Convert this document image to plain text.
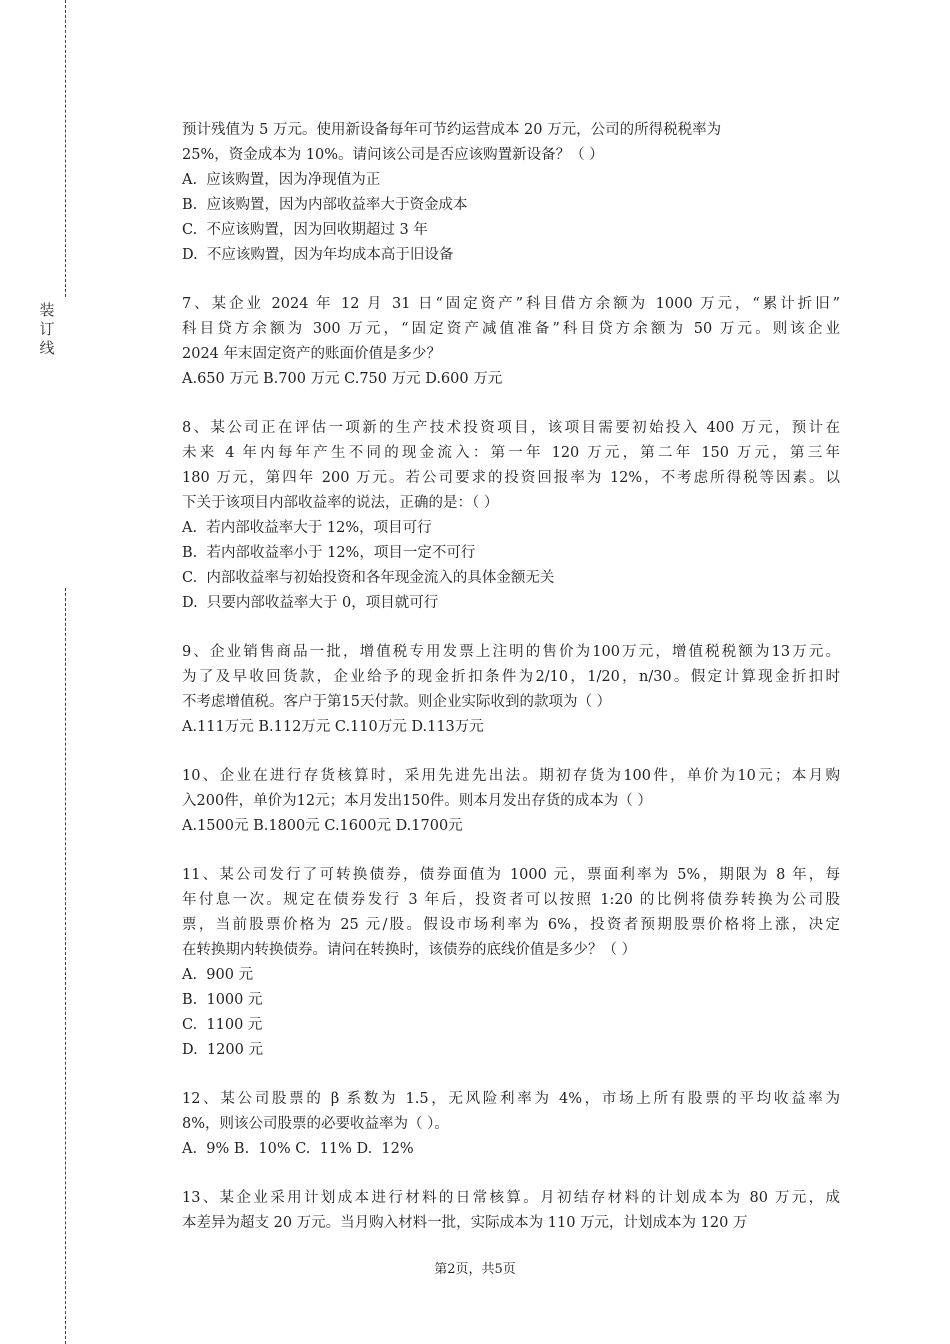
装
订
线
预计残值为 5 万元。使用新设备每年可节约运营成本 20 万元，公司的所得税税率为
25%，资金成本为 10%。请问该公司是否应该购置新设备？（ ）
A.  应该购置，因为净现值为正
B.  应该购置，因为内部收益率大于资金成本
C.  不应该购置，因为回收期超过 3 年
D.  不应该购置，因为年均成本高于旧设备
7、某企业 2024 年 12 月 31 日“固定资产”科目借方余额为 1000 万元，“累计折旧”
科目贷方余额为 300 万元，“固定资产减值准备”科目贷方余额为 50 万元。则该企业
2024 年末固定资产的账面价值是多少？
A.650 万元 B.700 万元 C.750 万元 D.600 万元
8、某公司正在评估一项新的生产技术投资项目，该项目需要初始投入 400 万元，预计在
未来 4 年内每年产生不同的现金流入：第一年 120 万元，第二年 150 万元，第三年
180 万元，第四年 200 万元。若公司要求的投资回报率为 12%，不考虑所得税等因素。以
下关于该项目内部收益率的说法，正确的是：（ ）
A.  若内部收益率大于 12%，项目可行
B.  若内部收益率小于 12%，项目一定不可行
C.  内部收益率与初始投资和各年现金流入的具体金额无关
D.  只要内部收益率大于 0，项目就可行
9、企业销售商品一批，增值税专用发票上注明的售价为100万元，增值税税额为13万元。
为了及早收回货款，企业给予的现金折扣条件为2/10，1/20，n/30。假定计算现金折扣时
不考虑增值税。客户于第15天付款。则企业实际收到的款项为（ ）
A.111万元 B.112万元 C.110万元 D.113万元
10、企业在进行存货核算时，采用先进先出法。期初存货为100件，单价为10元；本月购
入200件，单价为12元；本月发出150件。则本月发出存货的成本为（ ）
A.1500元 B.1800元 C.1600元 D.1700元
11、某公司发行了可转换债券，债券面值为 1000 元，票面利率为 5%，期限为 8 年，每
年付息一次。规定在债券发行 3 年后，投资者可以按照 1:20 的比例将债券转换为公司股
票，当前股票价格为 25 元/股。假设市场利率为 6%，投资者预期股票价格将上涨，决定
在转换期内转换债券。请问在转换时，该债券的底线价值是多少？（ ）
A.  900 元
B.  1000 元
C.  1100 元
D.  1200 元
12、某公司股票的 β 系数为 1.5，无风险利率为 4%，市场上所有股票的平均收益率为
8%，则该公司股票的必要收益率为（ ）。
A.  9% B.  10% C.  11% D.  12%
13、某企业采用计划成本进行材料的日常核算。月初结存材料的计划成本为 80 万元，成
本差异为超支 20 万元。当月购入材料一批，实际成本为 110 万元，计划成本为 120 万
第2页，共5页
